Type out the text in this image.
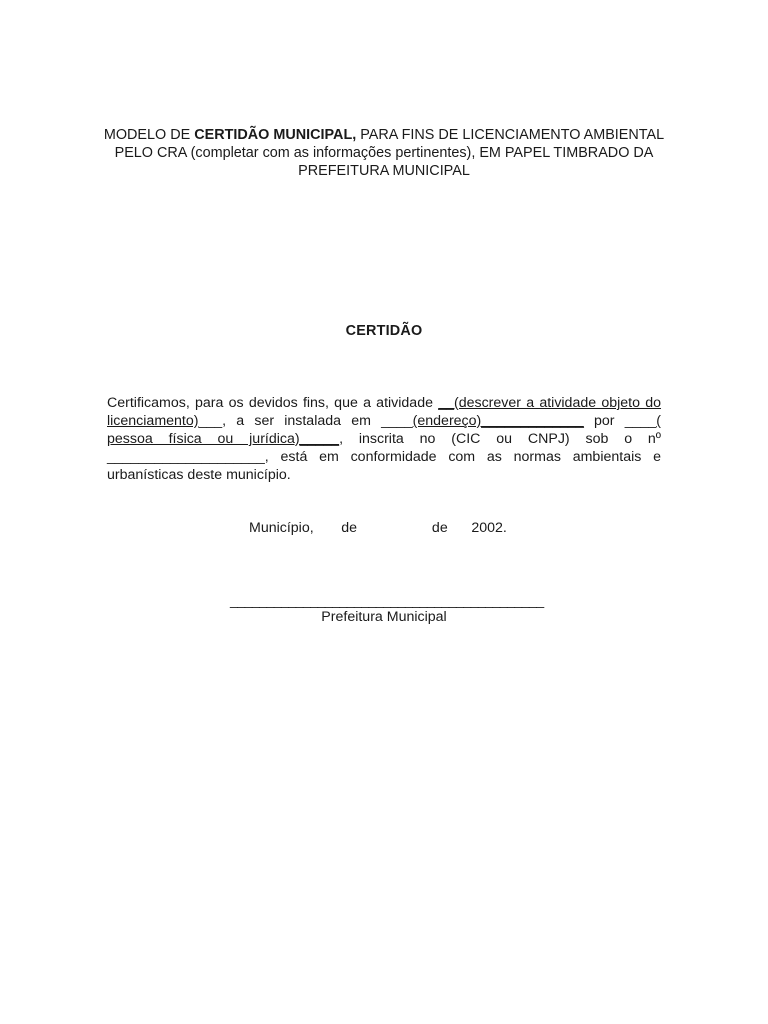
MODELO DE CERTIDÃO MUNICIPAL, PARA FINS DE LICENCIAMENTO AMBIENTAL PELO CRA (completar com as informações pertinentes), EM PAPEL TIMBRADO DA PREFEITURA MUNICIPAL
CERTIDÃO
Certificamos, para os devidos fins, que a atividade __(descrever a atividade objeto do licenciamento)___, a ser instalada em ____(endereço)_____________ por ____( pessoa física ou jurídica)_____, inscrita no (CIC ou CNPJ) sob o nº ____________________, está em conformidade com as normas ambientais e urbanísticas deste município.
Município,       de                   de      2002.
___________________________________________
Prefeitura Municipal
